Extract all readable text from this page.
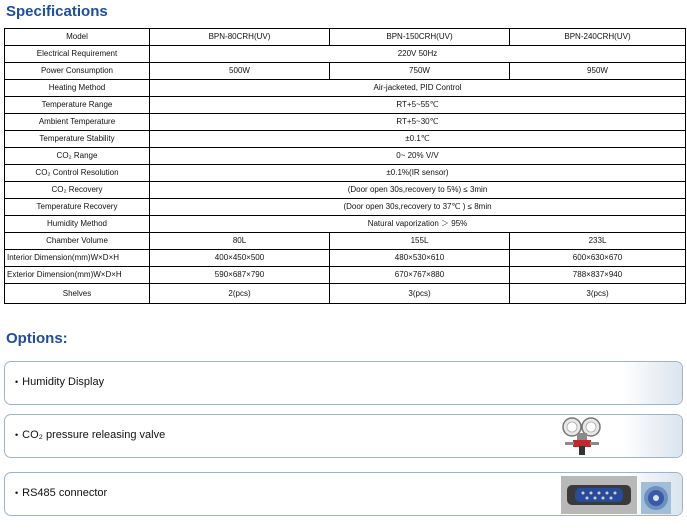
Specifications
Model	BPN-80CRH(UV)	BPN-150CRH(UV)	BPN-240CRH(UV)
Electrical Requirement	220V 50Hz		
Power Consumption	500W	750W	950W
Heating Method	Air-jacketed, PID Control		
Temperature Range	RT+5~55℃		
Ambient Temperature	RT+5~30℃		
Temperature Stability	±0.1℃		
CO₂ Range	0~ 20% V/V		
CO₂ Control Resolution	±0.1%(IR sensor)		
CO₂ Recovery	(Door open 30s,recovery to 5%) ≤ 3min		
Temperature Recovery	(Door open 30s,recovery to 37℃ ) ≤ 8min		
Humidity Method	Natural vaporization ＞ 95%		
Chamber Volume	80L	155L	233L
Interior Dimension(mm)W×D×H	400×450×500	480×530×610	600×630×670
Exterior Dimension(mm)W×D×H	590×687×790	670×767×880	788×837×940
Shelves	2(pcs)	3(pcs)	3(pcs)
Options:
• Humidity Display
• CO₂ pressure releasing valve
• RS485 connector
